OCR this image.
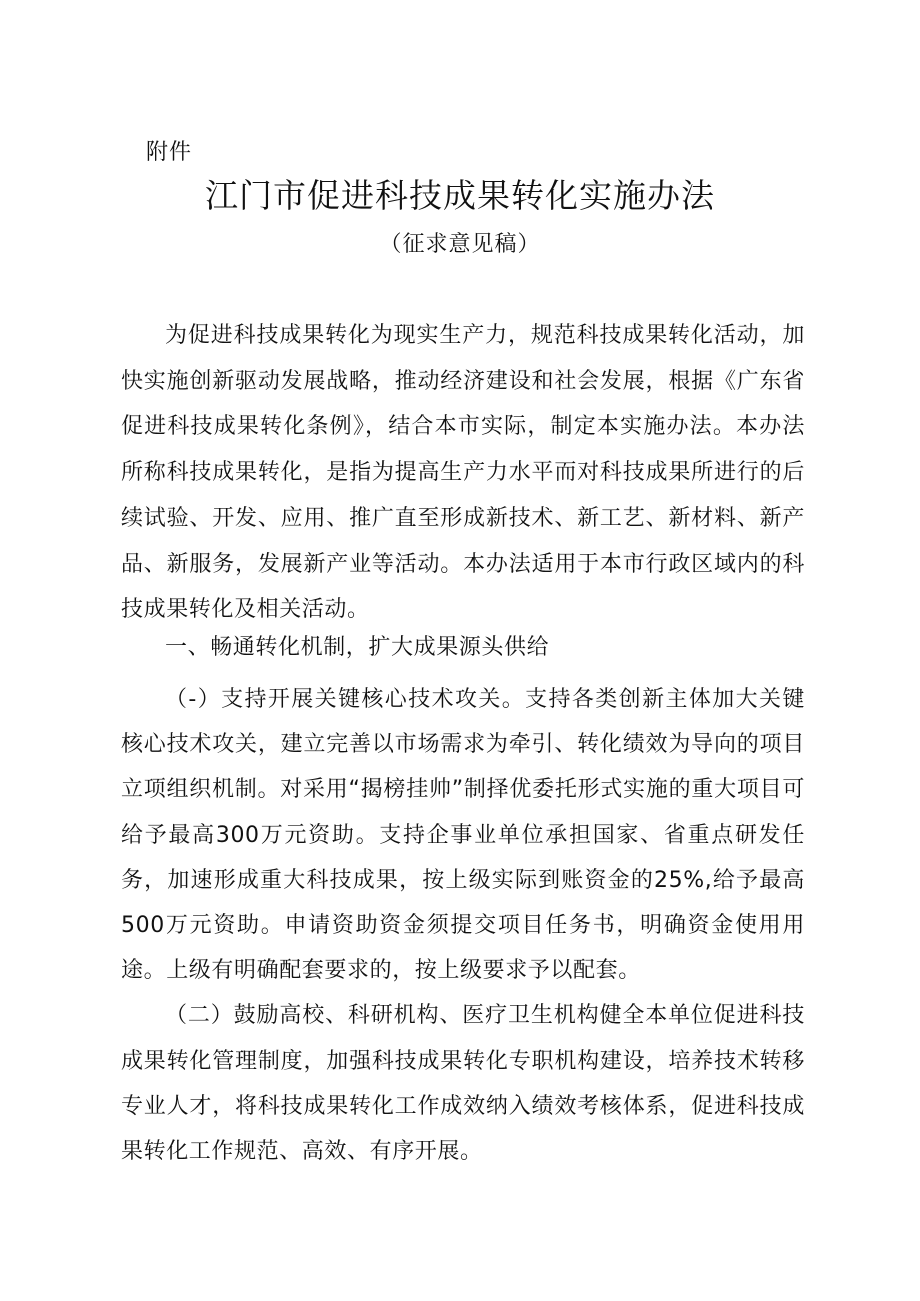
附件
江门市促进科技成果转化实施办法
（征求意见稿）

为促进科技成果转化为现实生产力，规范科技成果转化活动，加快实施创新驱动发展战略，推动经济建设和社会发展，根据《广东省促进科技成果转化条例》，结合本市实际，制定本实施办法。本办法所称科技成果转化，是指为提高生产力水平而对科技成果所进行的后续试验、开发、应用、推广直至形成新技术、新工艺、新材料、新产品、新服务，发展新产业等活动。本办法适用于本市行政区域内的科技成果转化及相关活动。

一、畅通转化机制，扩大成果源头供给

（-）支持开展关键核心技术攻关。支持各类创新主体加大关键核心技术攻关，建立完善以市场需求为牵引、转化绩效为导向的项目立项组织机制。对采用“揭榜挂帅”制择优委托形式实施的重大项目可给予最高300万元资助。支持企事业单位承担国家、省重点研发任务，加速形成重大科技成果，按上级实际到账资金的25%,给予最高500万元资助。申请资助资金须提交项目任务书，明确资金使用用途。上级有明确配套要求的，按上级要求予以配套。

（二）鼓励高校、科研机构、医疗卫生机构健全本单位促进科技成果转化管理制度，加强科技成果转化专职机构建设，培养技术转移专业人才，将科技成果转化工作成效纳入绩效考核体系，促进科技成果转化工作规范、高效、有序开展。
